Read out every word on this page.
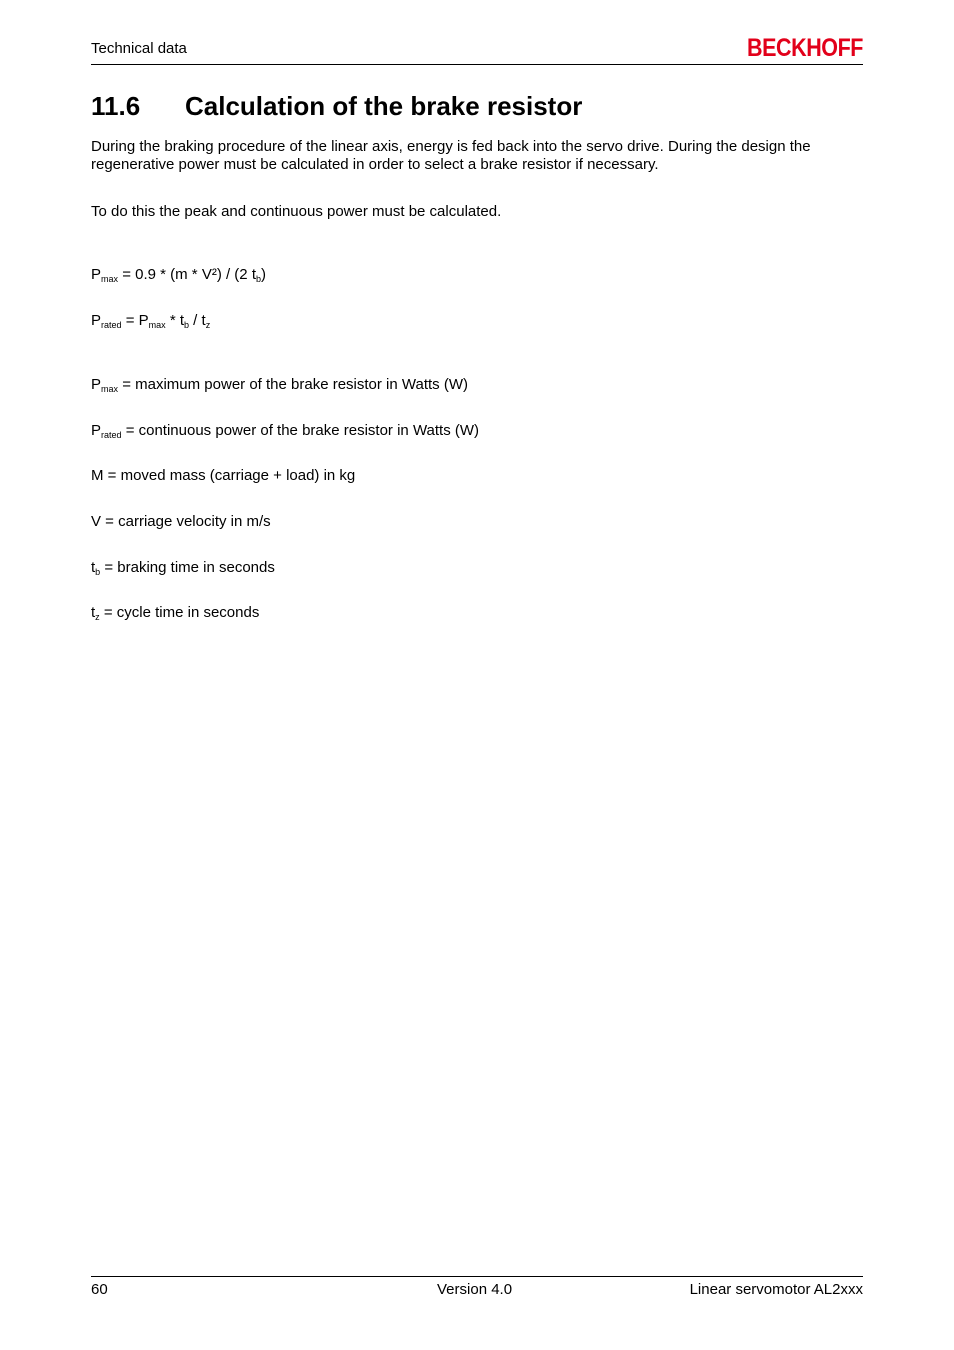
Technical data	BECKHOFF
11.6 Calculation of the brake resistor
During the braking procedure of the linear axis, energy is fed back into the servo drive. During the design the regenerative power must be calculated in order to select a brake resistor if necessary.
To do this the peak and continuous power must be calculated.
$P_{max} = 0.9 * (m * V^2) / (2$ $t_b$)
$P_{rated} = P_{max} * t_b / t_z$
$P_{max}$ = maximum power of the brake resistor in Watts (W)
$P_{rated}$ = continuous power of the brake resistor in Watts (W)
M = moved mass (carriage + load) in kg
V = carriage velocity in m/s
$t_b$ = braking time in seconds
$t_z$ = cycle time in seconds
60	Version 4.0	Linear servomotor AL2xxx
